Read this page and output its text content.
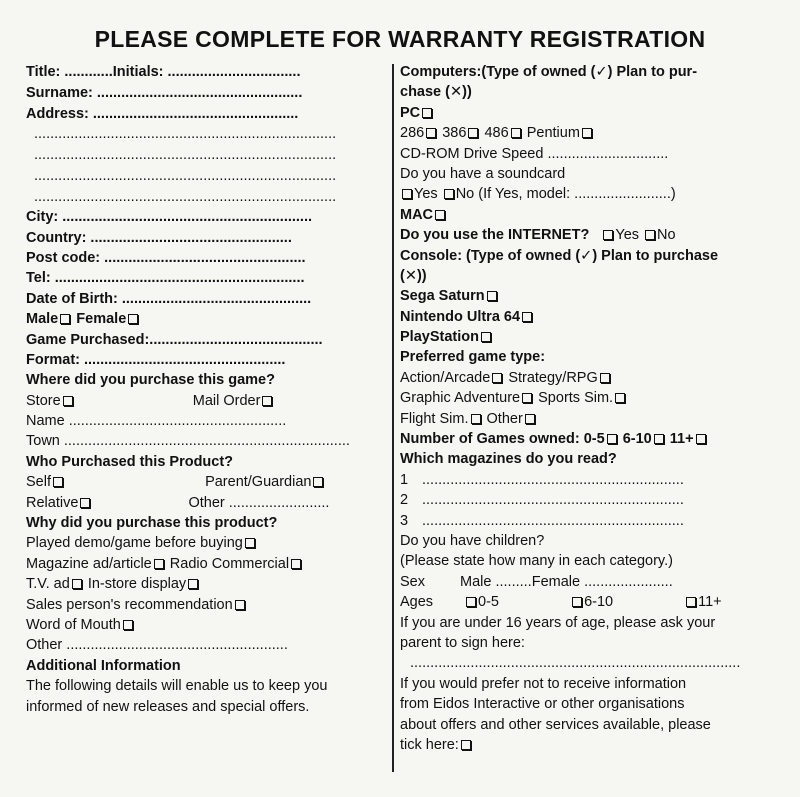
PLEASE COMPLETE FOR WARRANTY REGISTRATION
Title: ............Initials: .................................
Surname: ...................................................
Address: ...................................................
...........................................................................
...........................................................................
...........................................................................
...........................................................................
City: ..............................................................
Country: ..................................................
Post code: ..................................................
Tel: ..............................................................
Date of Birth: ...............................................
Male Female
Game Purchased:...........................................
Format: ..................................................
Where did you purchase this game?
Store	Mail Order
Name ......................................................
Town .......................................................................
Who Purchased this Product?
Self	Parent/Guardian
Relative	Other .........................
Why did you purchase this product?
Played demo/game before buying
Magazine ad/article Radio Commercial
T.V. ad In-store display
Sales person's recommendation
Word of Mouth
Other .......................................................
Additional Information
The following details will enable us to keep you
informed of new releases and special offers.
Computers:(Type of owned (✓) Plan to pur-
chase (✕))
PC
286 386 486 Pentium
CD-ROM Drive Speed ..............................
Do you have a soundcard
Yes No (If Yes, model: ........................)
MAC
Do you use the INTERNET? Yes No
Console: (Type of owned (✓) Plan to purchase
(✕))
Sega Saturn
Nintendo Ultra 64
PlayStation
Preferred game type:
Action/Arcade Strategy/RPG
Graphic Adventure Sports Sim.
Flight Sim. Other
Number of Games owned: 0-5 6-10 11+
Which magazines do you read?
1 .................................................................
2 .................................................................
3 .................................................................
Do you have children?
(Please state how many in each category.)
Sex Male .........Female ......................
Ages	0-5	6-10	11+
If you are under 16 years of age, please ask your
parent to sign here:
..................................................................................
If you would prefer not to receive information
from Eidos Interactive or other organisations
about offers and other services available, please
tick here:
